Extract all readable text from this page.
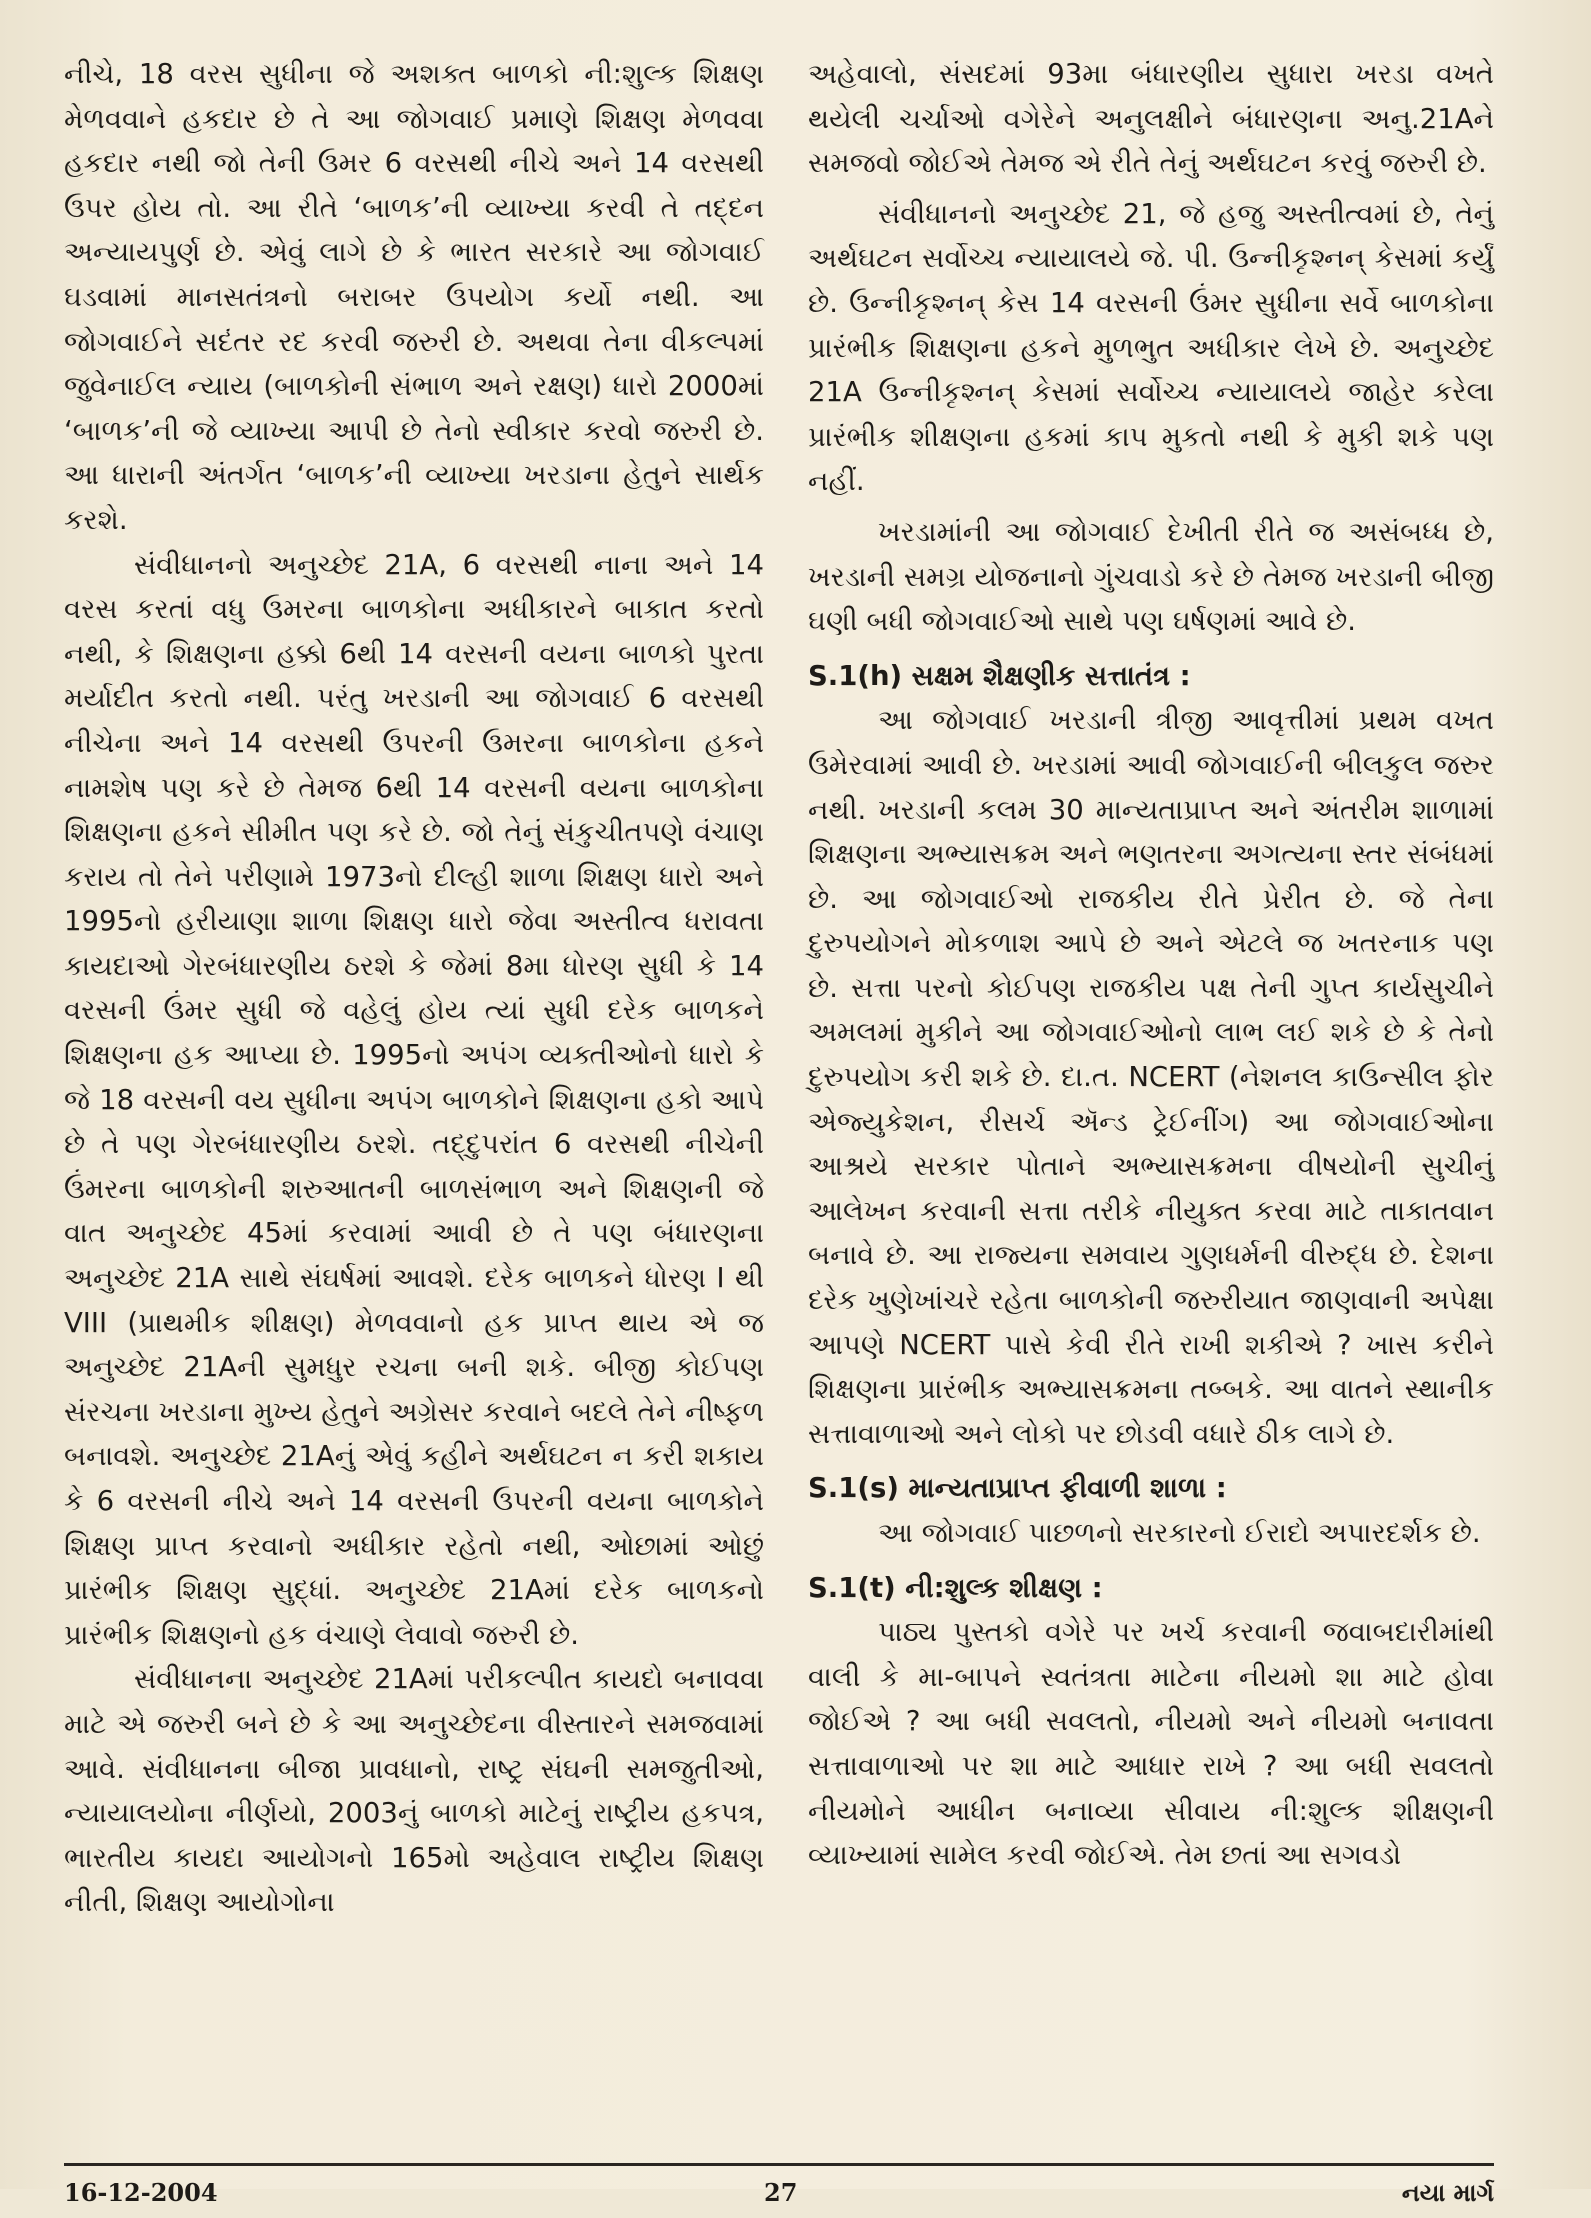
નીચે, 18 વરસ સુધીના જે અશક્ત બાળકો ની:શુલ્ક શિક્ષણ મેળવવાને હકદાર છે તે આ જોગવાઈ પ્રમાણે શિક્ષણ મેળવવા હકદાર નથી જો તેની ઉમર 6 વરસથી નીચે અને 14 વરસથી ઉપર હોય તો. આ રીતે ‘બાળક’ની વ્યાખ્યા કરવી તે તદ્દન અન્યાયપુર્ણ છે. એવું લાગે છે કે ભારત સરકારે આ જોગવાઈ ઘડવામાં માનસતંત્રનો બરાબર ઉપયોગ કર્યો નથી. આ જોગવાઈને સદંતર રદ કરવી જરુરી છે. અથવા તેના વીકલ્પમાં જુવેનાઈલ ન્યાય (બાળકોની સંભાળ અને રક્ષણ) ધારો 2000માં ‘બાળક’ની જે વ્યાખ્યા આપી છે તેનો સ્વીકાર કરવો જરુરી છે. આ ધારાની અંતર્ગત ‘બાળક’ની વ્યાખ્યા ખરડાના હેતુને સાર્થક કરશે.

સંવીધાનનો અનુચ્છેદ 21A, 6 વરસથી નાના અને 14 વરસ કરતાં વધુ ઉમરના બાળકોના અધીકારને બાકાત કરતો નથી, કે શિક્ષણના હક્કો 6થી 14 વરસની વયના બાળકો પુરતા મર્યાદીત કરતો નથી. પરંતુ ખરડાની આ જોગવાઈ 6 વરસથી નીચેના અને 14 વરસથી ઉપરની ઉમરના બાળકોના હકને નામશેષ પણ કરે છે તેમજ 6થી 14 વરસની વયના બાળકોના શિક્ષણના હકને સીમીત પણ કરે છે. જો તેનું સંકુચીતપણે વંચાણ કરાય તો તેને પરીણામે 1973નો દીલ્હી શાળા શિક્ષણ ધારો અને 1995નો હરીયાણા શાળા શિક્ષણ ધારો જેવા અસ્તીત્વ ધરાવતા કાયદાઓ ગેરબંધારણીય ઠરશે કે જેમાં 8મા ધોરણ સુધી કે 14 વરસની ઉંમર સુધી જે વહેલું હોય ત્યાં સુધી દરેક બાળકને શિક્ષણના હક આપ્યા છે. 1995નો અપંગ વ્યક્તીઓનો ધારો કે જે 18 વરસની વય સુધીના અપંગ બાળકોને શિક્ષણના હકો આપે છે તે પણ ગેરબંધારણીય ઠરશે. તદ્દુપરાંત 6 વરસથી નીચેની ઉંમરના બાળકોની શરુઆતની બાળસંભાળ અને શિક્ષણની જે વાત અનુચ્છેદ 45માં કરવામાં આવી છે તે પણ બંધારણના અનુચ્છેદ 21A સાથે સંઘર્ષમાં આવશે. દરેક બાળકને ધોરણ I થી VIII (પ્રાથમીક શીક્ષણ) મેળવવાનો હક પ્રાપ્ત થાય એ જ અનુચ્છેદ 21Aની સુમધુર રચના બની શકે. બીજી કોઈપણ સંરચના ખરડાના મુખ્ય હેતુને અગ્રેસર કરવાને બદલે તેને નીષ્ફળ બનાવશે. અનુચ્છેદ 21Aનું એવું કહીને અર્થઘટન ન કરી શકાય કે 6 વરસની નીચે અને 14 વરસની ઉપરની વયના બાળકોને શિક્ષણ પ્રાપ્ત કરવાનો અધીકાર રહેતો નથી, ઓછામાં ઓછું પ્રારંભીક શિક્ષણ સુદ્ધાં. અનુચ્છેદ 21Aમાં દરેક બાળકનો પ્રારંભીક શિક્ષણનો હક વંચાણે લેવાવો જરુરી છે.

સંવીધાનના અનુચ્છેદ 21Aમાં પરીકલ્પીત કાયદો બનાવવા માટે એ જરુરી બને છે કે આ અનુચ્છેદના વીસ્તારને સમજવામાં આવે. સંવીધાનના બીજા પ્રાવધાનો, રાષ્ટ્ર સંઘની સમજુતીઓ, ન્યાયાલયોના નીર્ણયો, 2003નું બાળકો માટેનું રાષ્ટ્રીય હકપત્ર, ભારતીય કાયદા આયોગનો 165મો અહેવાલ રાષ્ટ્રીય શિક્ષણ નીતી, શિક્ષણ આયોગોના

અહેવાલો, સંસદમાં 93મા બંધારણીય સુધારા ખરડા વખતે થયેલી ચર્ચાઓ વગેરેને અનુલક્ષીને બંધારણના અનુ.21Aને સમજવો જોઈએ તેમજ એ રીતે તેનું અર્થઘટન કરવું જરુરી છે.

સંવીધાનનો અનુચ્છેદ 21, જે હજુ અસ્તીત્વમાં છે, તેનું અર્થઘટન સર્વોચ્ચ ન્યાયાલયે જે. પી. ઉન્નીકૃશ્નન્ કેસમાં કર્યું છે. ઉન્નીકૃશ્નન્ કેસ 14 વરસની ઉંમર સુધીના સર્વે બાળકોના પ્રારંભીક શિક્ષણના હકને મુળભુત અધીકાર લેખે છે. અનુચ્છેદ 21A ઉન્નીકૃશ્નન્ કેસમાં સર્વોચ્ચ ન્યાયાલયે જાહેર કરેલા પ્રારંભીક શીક્ષણના હકમાં કાપ મુકતો નથી કે મુકી શકે પણ નહીં.

ખરડામાંની આ જોગવાઈ દેખીતી રીતે જ અસંબધ્ધ છે, ખરડાની સમગ્ર યોજનાનો ગુંચવાડો કરે છે તેમજ ખરડાની બીજી ઘણી બધી જોગવાઈઓ સાથે પણ ઘર્ષણમાં આવે છે.

S.1(h) સક્ષમ શૈક્ષણીક સત્તાતંત્ર :

આ જોગવાઈ ખરડાની ત્રીજી આવૃત્તીમાં પ્રથમ વખત ઉમેરવામાં આવી છે. ખરડામાં આવી જોગવાઈની બીલકુલ જરુર નથી. ખરડાની કલમ 30 માન્યતાપ્રાપ્ત અને અંતરીમ શાળામાં શિક્ષણના અભ્યાસક્રમ અને ભણતરના અગત્યના સ્તર સંબંધમાં છે. આ જોગવાઈઓ રાજકીય રીતે પ્રેરીત છે. જે તેના દુરુપયોગને મોકળાશ આપે છે અને એટલે જ ખતરનાક પણ છે. સત્તા પરનો કોઈપણ રાજકીય પક્ષ તેની ગુપ્ત કાર્યસુચીને અમલમાં મુકીને આ જોગવાઈઓનો લાભ લઈ શકે છે કે તેનો દુરુપયોગ કરી શકે છે. દા.ત. NCERT (નેશનલ કાઉન્સીલ ફોર એજ્યુકેશન, રીસર્ચ ઍન્ડ ટ્રેઈનીંગ) આ જોગવાઈઓના આશ્રયે સરકાર પોતાને અભ્યાસક્રમના વીષયોની સુચીનું આલેખન કરવાની સત્તા તરીકે નીયુક્ત કરવા માટે તાકાતવાન બનાવે છે. આ રાજ્યના સમવાય ગુણધર્મની વીરુદ્ધ છે. દેશના દરેક ખુણેખાંચરે રહેતા બાળકોની જરુરીયાત જાણવાની અપેક્ષા આપણે NCERT પાસે કેવી રીતે રાખી શકીએ ? ખાસ કરીને શિક્ષણના પ્રારંભીક અભ્યાસક્રમના તબ્બકે. આ વાતને સ્થાનીક સત્તાવાળાઓ અને લોકો પર છોડવી વધારે ઠીક લાગે છે.

S.1(s) માન્યતાપ્રાપ્ત ફીવાળી શાળા :

આ જોગવાઈ પાછળનો સરકારનો ઈરાદો અપારદર્શક છે.

S.1(t) ની:શુલ્ક શીક્ષણ :

પાઠ્ય પુસ્તકો વગેરે પર ખર્ચ કરવાની જવાબદારીમાંથી વાલી કે મા-બાપને સ્વતંત્રતા માટેના નીયમો શા માટે હોવા જોઈએ ? આ બધી સવલતો, નીયમો અને નીયમો બનાવતા સત્તાવાળાઓ પર શા માટે આધાર રાખે ? આ બધી સવલતો નીયમોને આધીન બનાવ્યા સીવાય ની:શુલ્ક શીક્ષણની વ્યાખ્યામાં સામેલ કરવી જોઈએ. તેમ છતાં આ સગવડો

16-12-2004	27	નયા માર્ગ
